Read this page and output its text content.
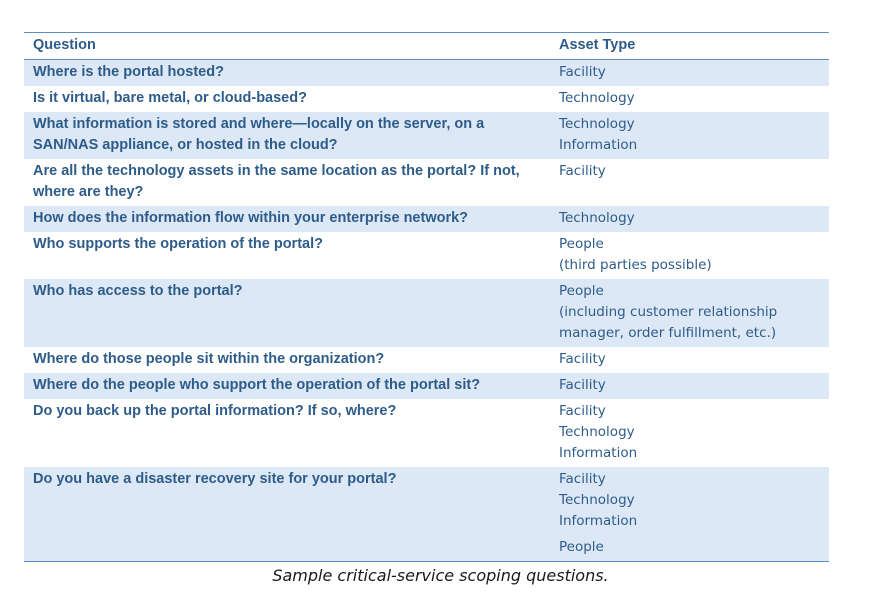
Question	Asset Type

Where is the portal hosted?	Facility

Is it virtual, bare metal, or cloud-based?	Technology

What information is stored and where—locally on the server, on a
SAN/NAS appliance, or hosted in the cloud?	Technology
Information

Are all the technology assets in the same location as the portal? If not,
where are they?	Facility

How does the information flow within your enterprise network?	Technology

Who supports the operation of the portal?	People
(third parties possible)

Who has access to the portal?	People
(including customer relationship
manager, order fulfillment, etc.)

Where do those people sit within the organization?	Facility

Where do the people who support the operation of the portal sit?	Facility

Do you back up the portal information? If so, where?	Facility
Technology
Information

Do you have a disaster recovery site for your portal?	Facility
Technology
Information
People
Sample critical-service scoping questions.
